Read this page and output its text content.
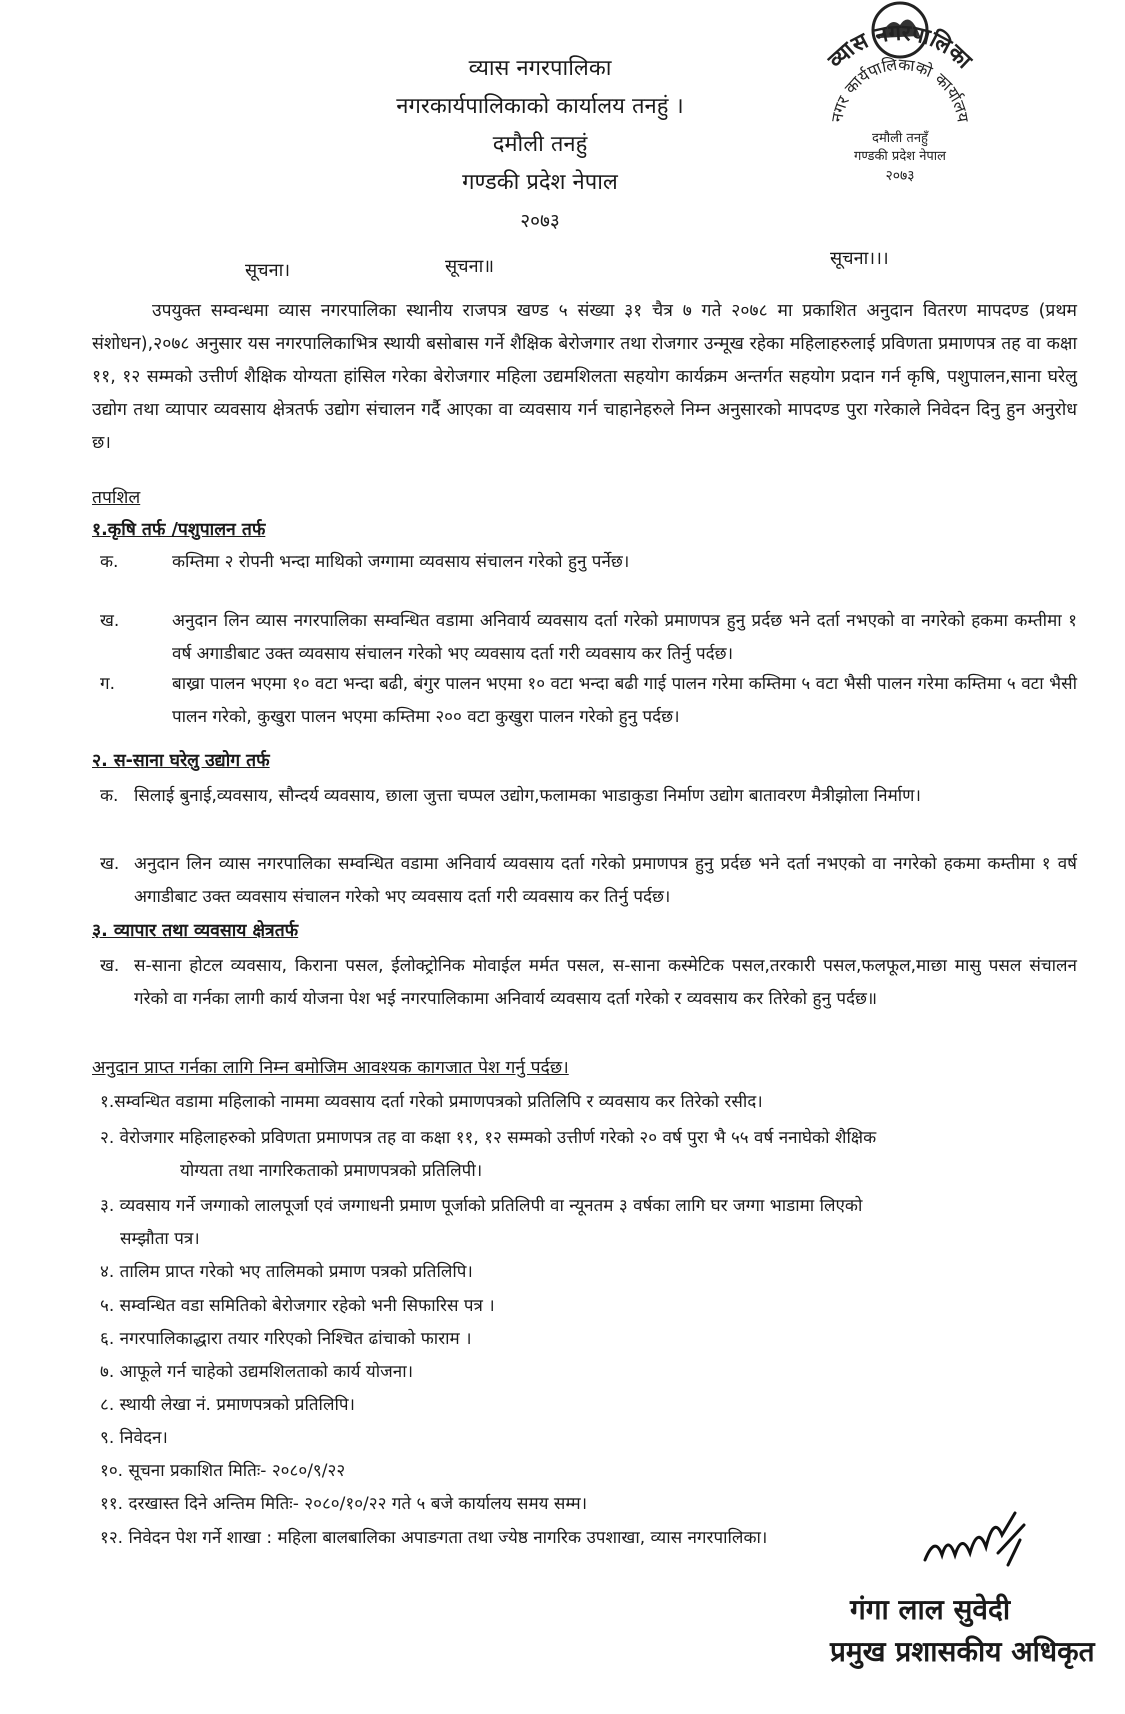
व्यास नगरपालिका
नगरकार्यपालिकाको कार्यालय तनहुं ।
दमौली तनहुं
गण्डकी प्रदेश नेपाल
२०७३
व्यास नगरपालिका
नगर कार्यपालिकाको कार्यालय
दमौली तनहुँ
गण्डकी प्रदेश नेपाल
२०७३
सूचना।	सूचना॥	सूचना।।।
उपयुक्त सम्वन्धमा व्यास नगरपालिका स्थानीय राजपत्र खण्ड ५ संख्या ३१ चैत्र ७ गते २०७८ मा प्रकाशित अनुदान वितरण मापदण्ड (प्रथम संशोधन),२०७८ अनुसार यस नगरपालिकाभित्र स्थायी बसोबास गर्ने शैक्षिक बेरोजगार तथा रोजगार उन्मूख रहेका महिलाहरुलाई प्रविणता प्रमाणपत्र तह वा कक्षा ११, १२ सम्मको उत्तीर्ण शैक्षिक योग्यता हांसिल गरेका बेरोजगार महिला उद्यमशिलता सहयोग कार्यक्रम अन्तर्गत सहयोग प्रदान गर्न कृषि, पशुपालन,साना घरेलु उद्योग तथा व्यापार व्यवसाय क्षेत्रतर्फ उद्योग संचालन गर्दै आएका वा व्यवसाय गर्न चाहानेहरुले निम्न अनुसारको मापदण्ड पुरा गरेकाले निवेदन दिनु हुन अनुरोध छ।
तपशिल
१.कृषि तर्फ /पशुपालन तर्फ
क.	कम्तिमा २ रोपनी भन्दा माथिको जग्गामा व्यवसाय संचालन गरेको हुनु पर्नेछ।
ख.	अनुदान लिन व्यास नगरपालिका सम्वन्धित वडामा अनिवार्य व्यवसाय दर्ता गरेको प्रमाणपत्र हुनु प्रर्दछ भने दर्ता नभएको वा नगरेको हकमा कम्तीमा १ वर्ष अगाडीबाट उक्त व्यवसाय संचालन गरेको भए व्यवसाय दर्ता गरी व्यवसाय कर तिर्नु पर्दछ।
ग.	बाख्रा पालन भएमा १० वटा भन्दा बढी, बंगुर पालन भएमा १० वटा भन्दा बढी गाई पालन गरेमा कम्तिमा ५ वटा भैसी पालन गरेमा कम्तिमा ५ वटा भैसी पालन गरेको, कुखुरा पालन भएमा कम्तिमा २०० वटा कुखुरा पालन गरेको हुनु पर्दछ।
२. स-साना घरेलु उद्योग तर्फ
क. सिलाई बुनाई,व्यवसाय, सौन्दर्य व्यवसाय, छाला जुत्ता चप्पल उद्योग,फलामका भाडाकुडा निर्माण उद्योग बातावरण मैत्रीझोला निर्माण।
ख. अनुदान लिन व्यास नगरपालिका सम्वन्धित वडामा अनिवार्य व्यवसाय दर्ता गरेको प्रमाणपत्र हुनु प्रर्दछ भने दर्ता नभएको वा नगरेको हकमा कम्तीमा १ वर्ष अगाडीबाट उक्त व्यवसाय संचालन गरेको भए व्यवसाय दर्ता गरी व्यवसाय कर तिर्नु पर्दछ।
३. व्यापार तथा व्यवसाय क्षेत्रतर्फ
ख. स-साना होटल व्यवसाय, किराना पसल, ईलोक्ट्रोनिक मोवाईल मर्मत पसल, स-साना कस्मेटिक पसल,तरकारी पसल,फलफूल,माछा मासु पसल संचालन गरेको वा गर्नका लागी कार्य योजना पेश भई नगरपालिकामा अनिवार्य व्यवसाय दर्ता गरेको र व्यवसाय कर तिरेको हुनु पर्दछ॥
अनुदान प्राप्त गर्नका लागि निम्न बमोजिम आवश्यक कागजात पेश गर्नु पर्दछ।
१.सम्वन्धित वडामा महिलाको नाममा व्यवसाय दर्ता गरेको प्रमाणपत्रको प्रतिलिपि र व्यवसाय कर तिरेको रसीद।
२. वेरोजगार महिलाहरुको प्रविणता प्रमाणपत्र तह वा कक्षा ११, १२ सम्मको उत्तीर्ण गरेको २० वर्ष पुरा भै ५५ वर्ष ननाघेको शैक्षिक
योग्यता तथा नागरिकताको प्रमाणपत्रको प्रतिलिपी।
३. व्यवसाय गर्ने जग्गाको लालपूर्जा एवं जग्गाधनी प्रमाण पूर्जाको प्रतिलिपी वा न्यूनतम ३ वर्षका लागि घर जग्गा भाडामा लिएको
सम्झौता पत्र।
४. तालिम प्राप्त गरेको भए तालिमको प्रमाण पत्रको प्रतिलिपि।
५. सम्वन्धित वडा समितिको बेरोजगार रहेको भनी सिफारिस पत्र ।
६. नगरपालिकाद्धारा तयार गरिएको निश्चित ढांचाको फाराम ।
७. आफूले गर्न चाहेको उद्यमशिलताको कार्य योजना।
८. स्थायी लेखा नं. प्रमाणपत्रको प्रतिलिपि।
९. निवेदन।
१०. सूचना प्रकाशित मितिः- २०८०/९/२२
११. दरखास्त दिने अन्तिम मितिः- २०८०/१०/२२ गते ५ बजे कार्यालय समय सम्म।
१२. निवेदन पेश गर्ने शाखा : महिला बालबालिका अपाङगता तथा ज्येष्ठ नागरिक उपशाखा, व्यास नगरपालिका।
गंगा लाल सुवेदी
प्रमुख प्रशासकीय अधिकृत
